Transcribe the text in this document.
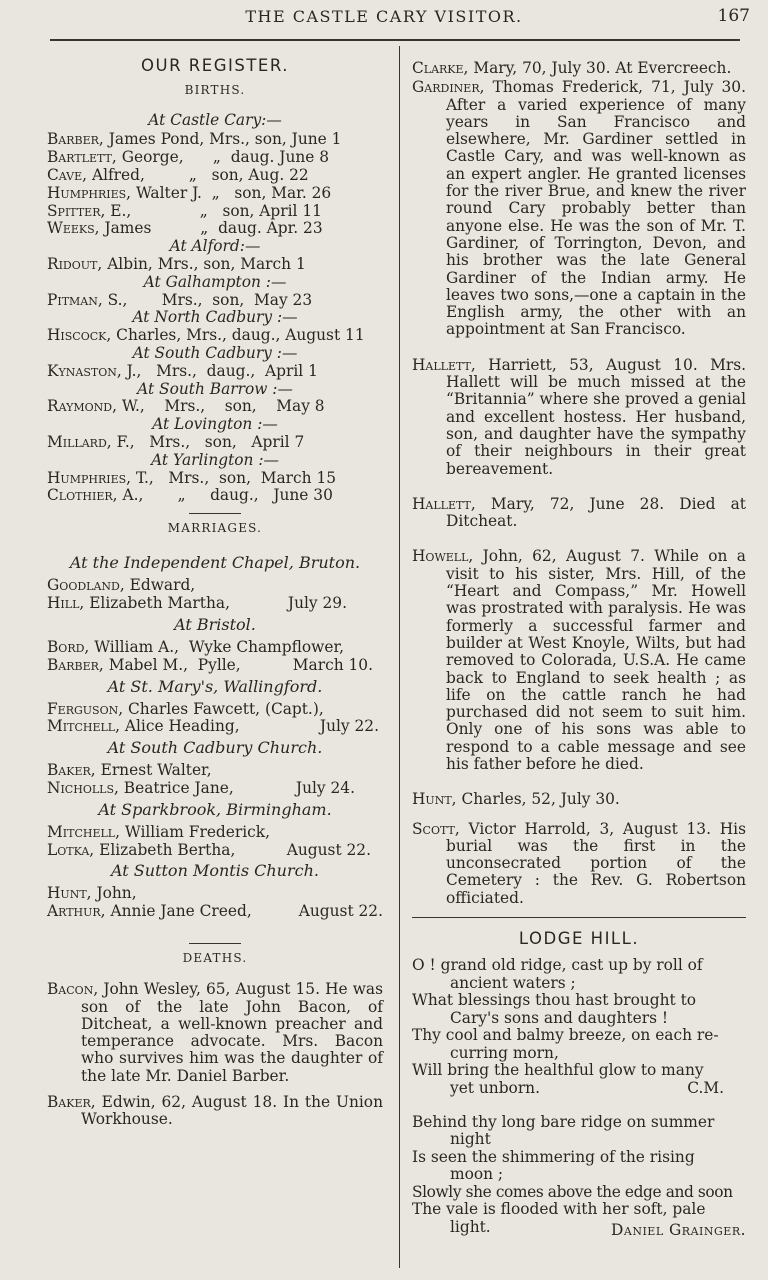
THE CASTLE CARY VISITOR.	167
OUR REGISTER.
BIRTHS.
At Castle Cary:—
Barber, James Pond, Mrs., son, June 1
Bartlett, George,      „  daug. June 8
Cave, Alfred,         „   son, Aug. 22
Humphries, Walter J.  „   son, Mar. 26
Spitter, E.,              „   son, April 11
Weeks, James          „  daug. Apr. 23
At Alford:—
Ridout, Albin, Mrs., son, March 1
At Galhampton :—
Pitman, S.,       Mrs.,  son,  May 23
At North Cadbury :—
Hiscock, Charles, Mrs., daug., August 11
At South Cadbury :—
Kynaston, J.,   Mrs.,  daug.,  April 1
At South Barrow :—
Raymond, W.,    Mrs.,    son,    May 8
At Lovington :—
Millard, F.,   Mrs.,   son,   April 7
At Yarlington :—
Humphries, T.,   Mrs.,  son,  March 15
Clothier, A.,       „     daug.,   June 30
MARRIAGES.
At the Independent Chapel, Bruton.
Goodland, Edward,
Hill, Elizabeth Martha,	July 29.
At Bristol.
Bord, William A.,  Wyke Champflower,
Barber, Mabel M.,  Pylle,	March 10.
At St. Mary's, Wallingford.
Ferguson, Charles Fawcett, (Capt.),
Mitchell, Alice Heading,	July 22.
At South Cadbury Church.
Baker, Ernest Walter,
Nicholls, Beatrice Jane,	July 24.
At Sparkbrook, Birmingham.
Mitchell, William Frederick,
Lotka, Elizabeth Bertha,	August 22.
At Sutton Montis Church.
Hunt, John,
Arthur, Annie Jane Creed,	August 22.
DEATHS.
Bacon, John Wesley, 65, August 15. He was son of the late John Bacon, of Ditcheat, a well-known preacher and temperance advocate. Mrs. Bacon who survives him was the daughter of the late Mr. Daniel Barber.
Baker, Edwin, 62, August 18. In the Union Workhouse.
Clarke, Mary, 70, July 30. At Evercreech.
Gardiner, Thomas Frederick, 71, July 30. After a varied experience of many years in San Francisco and elsewhere, Mr. Gardiner settled in Castle Cary, and was well-known as an expert angler. He granted licenses for the river Brue, and knew the river round Cary probably better than anyone else. He was the son of Mr. T. Gardiner, of Torrington, Devon, and his brother was the late General Gardiner of the Indian army. He leaves two sons,—one a captain in the English army, the other with an appointment at San Francisco.
Hallett, Harriett, 53, August 10. Mrs. Hallett will be much missed at the “Britannia” where she proved a genial and excellent hostess. Her husband, son, and daughter have the sympathy of their neighbours in their great bereavement.
Hallett, Mary, 72, June 28. Died at Ditcheat.
Howell, John, 62, August 7. While on a visit to his sister, Mrs. Hill, of the “Heart and Compass,” Mr. Howell was prostrated with paralysis. He was formerly a successful farmer and builder at West Knoyle, Wilts, but had removed to Colorada, U.S.A. He came back to England to seek health ; as life on the cattle ranch he had purchased did not seem to suit him. Only one of his sons was able to respond to a cable message and see his father before he died.
Hunt, Charles, 52, July 30.
Scott, Victor Harrold, 3, August 13. His burial was the first in the unconsecrated portion of the Cemetery : the Rev. G. Robertson officiated.
LODGE HILL.
O ! grand old ridge, cast up by roll of
ancient waters ;
What blessings thou hast brought to
Cary's sons and daughters !
Thy cool and balmy breeze, on each re-
curring morn,
Will bring the healthful glow to many
yet unborn.	C.M.
Behind thy long bare ridge on summer
night
Is seen the shimmering of the rising
moon ;
Slowly she comes above the edge and soon
The vale is flooded with her soft, pale
light.	Daniel Grainger.
